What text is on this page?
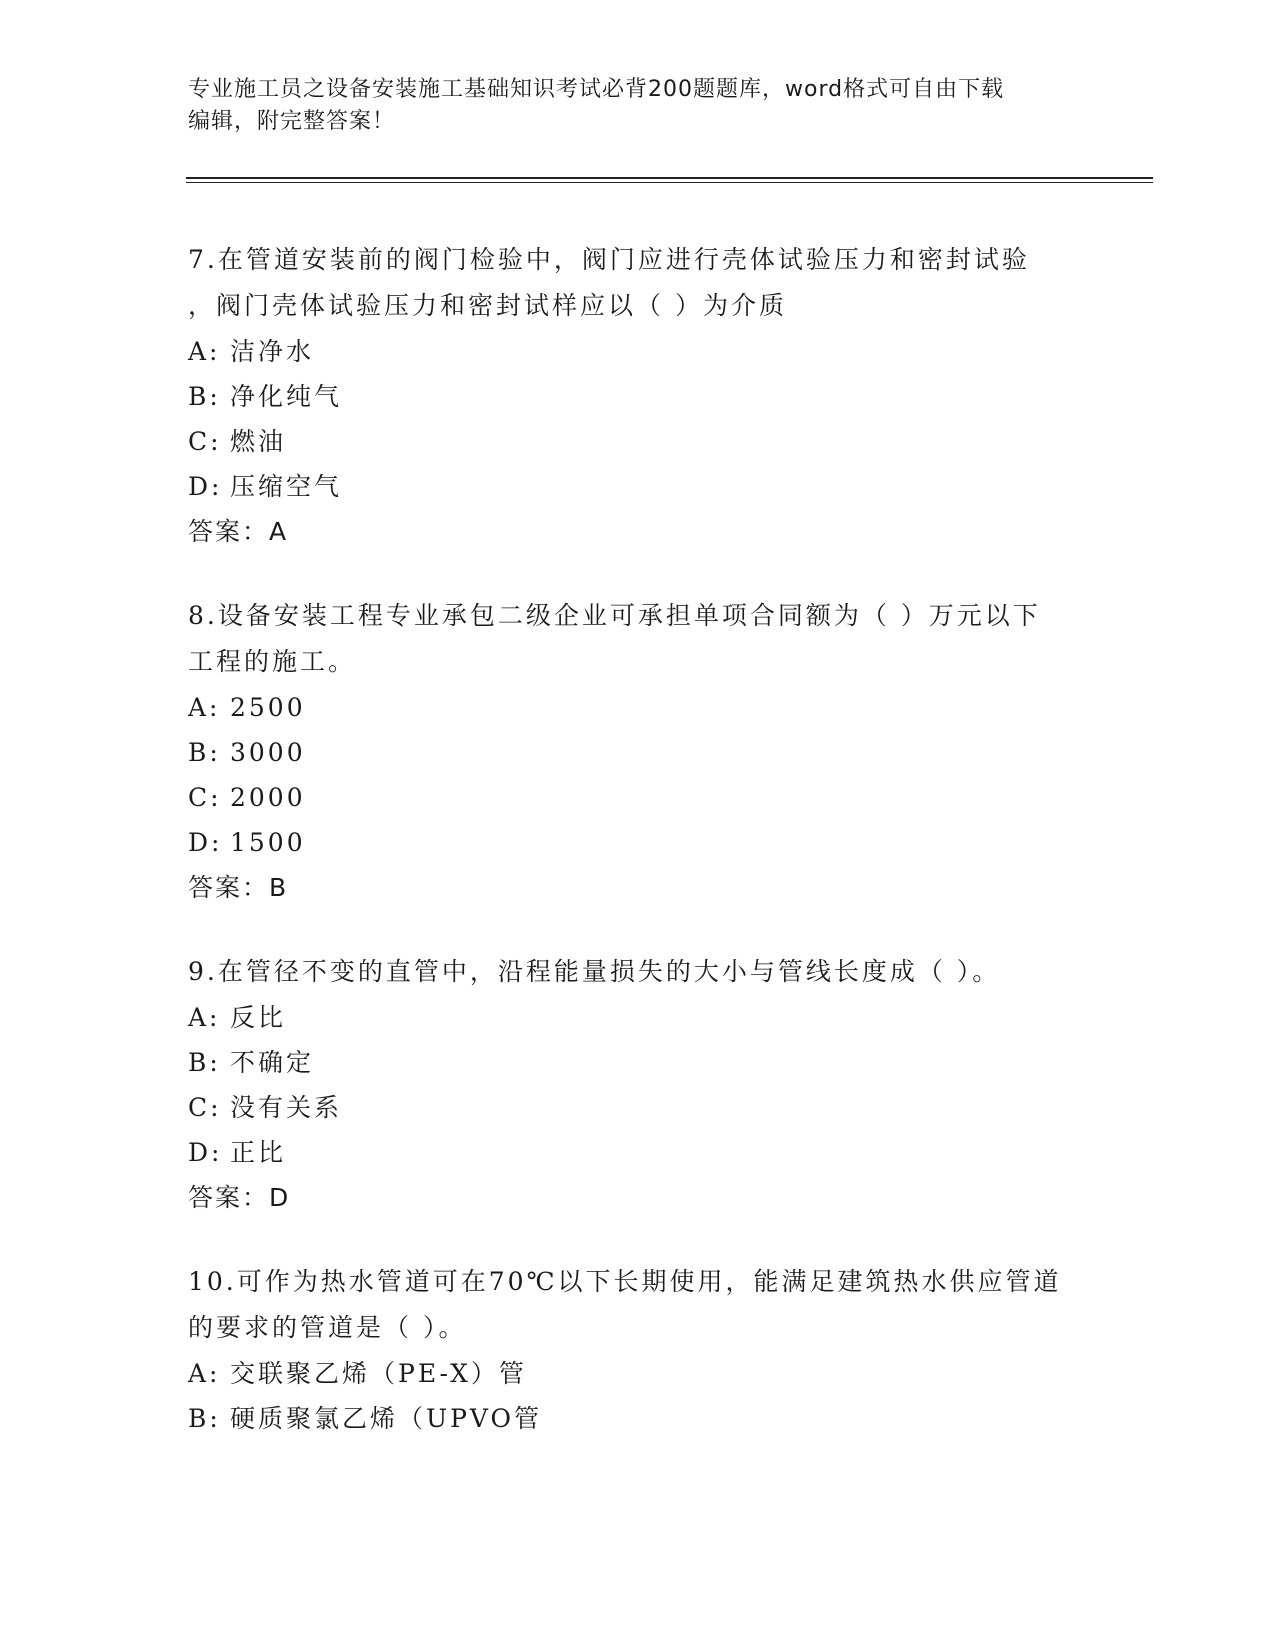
专业施工员之设备安装施工基础知识考试必背200题题库，word格式可自由下载
编辑，附完整答案！
7.在管道安装前的阀门检验中，阀门应进行壳体试验压力和密封试验
，阀门壳体试验压力和密封试样应以（ ）为介质
A: 洁净水
B: 净化纯气
C: 燃油
D: 压缩空气
答案：A
8.设备安装工程专业承包二级企业可承担单项合同额为（ ）万元以下
工程的施工。
A: 2500
B: 3000
C: 2000
D: 1500
答案：B
9.在管径不变的直管中，沿程能量损失的大小与管线长度成（ ）。
A: 反比
B: 不确定
C: 没有关系
D: 正比
答案：D
10.可作为热水管道可在70℃以下长期使用，能满足建筑热水供应管道
的要求的管道是（ ）。
A: 交联聚乙烯（PE-X）管
B: 硬质聚氯乙烯（UPVO管
